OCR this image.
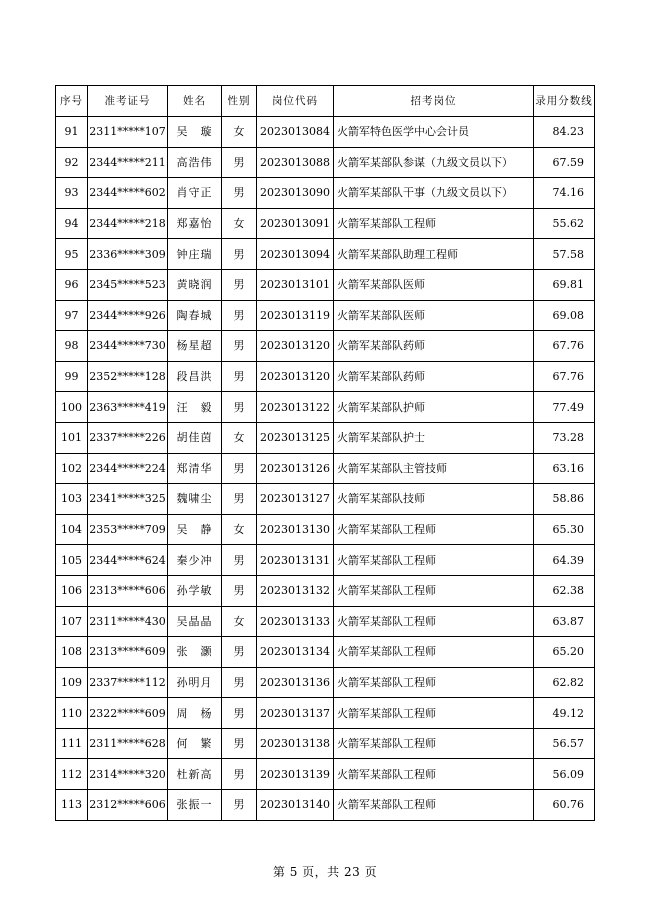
序号	准考证号	姓名	性别	岗位代码	招考岗位	录用分数线
91	2311*****107	吴　璇	女	2023013084	火箭军特色医学中心会计员	84.23
92	2344*****211	高浩伟	男	2023013088	火箭军某部队参谋（九级文员以下）	67.59
93	2344*****602	肖守正	男	2023013090	火箭军某部队干事（九级文员以下）	74.16
94	2344*****218	郑嘉怡	女	2023013091	火箭军某部队工程师	55.62
95	2336*****309	钟庄瑞	男	2023013094	火箭军某部队助理工程师	57.58
96	2345*****523	黄晓润	男	2023013101	火箭军某部队医师	69.81
97	2344*****926	陶春城	男	2023013119	火箭军某部队医师	69.08
98	2344*****730	杨星超	男	2023013120	火箭军某部队药师	67.76
99	2352*****128	段昌洪	男	2023013120	火箭军某部队药师	67.76
100	2363*****419	汪　毅	男	2023013122	火箭军某部队护师	77.49
101	2337*****226	胡佳茵	女	2023013125	火箭军某部队护士	73.28
102	2344*****224	郑清华	男	2023013126	火箭军某部队主管技师	63.16
103	2341*****325	魏啸尘	男	2023013127	火箭军某部队技师	58.86
104	2353*****709	吴　静	女	2023013130	火箭军某部队工程师	65.30
105	2344*****624	秦少冲	男	2023013131	火箭军某部队工程师	64.39
106	2313*****606	孙学敏	男	2023013132	火箭军某部队工程师	62.38
107	2311*****430	吴晶晶	女	2023013133	火箭军某部队工程师	63.87
108	2313*****609	张　灏	男	2023013134	火箭军某部队工程师	65.20
109	2337*****112	孙明月	男	2023013136	火箭军某部队工程师	62.82
110	2322*****609	周　杨	男	2023013137	火箭军某部队工程师	49.12
111	2311*****628	何　繁	男	2023013138	火箭军某部队工程师	56.57
112	2314*****320	杜新高	男	2023013139	火箭军某部队工程师	56.09
113	2312*****606	张振一	男	2023013140	火箭军某部队工程师	60.76
第 5 页，共 23 页
